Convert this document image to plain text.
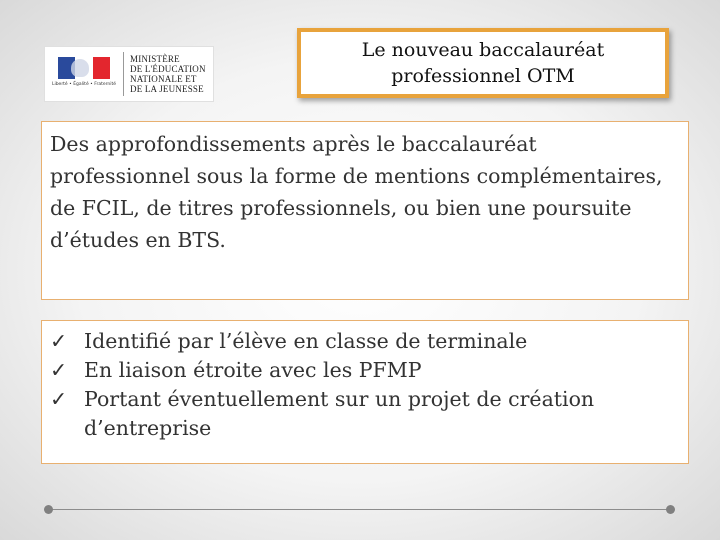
Liberté • Égalité • Fraternité
MINISTÈRE
DE L'ÉDUCATION
NATIONALE ET
DE LA JEUNESSE
Le nouveau baccalauréat
professionnel OTM

Des approfondissements après le baccalauréat professionnel sous la forme de mentions complémentaires, de FCIL, de titres professionnels, ou bien une poursuite d’études en BTS.

✓ Identifié par l’élève en classe de terminale
✓ En liaison étroite avec les PFMP
✓ Portant éventuellement sur un projet de création d’entreprise
